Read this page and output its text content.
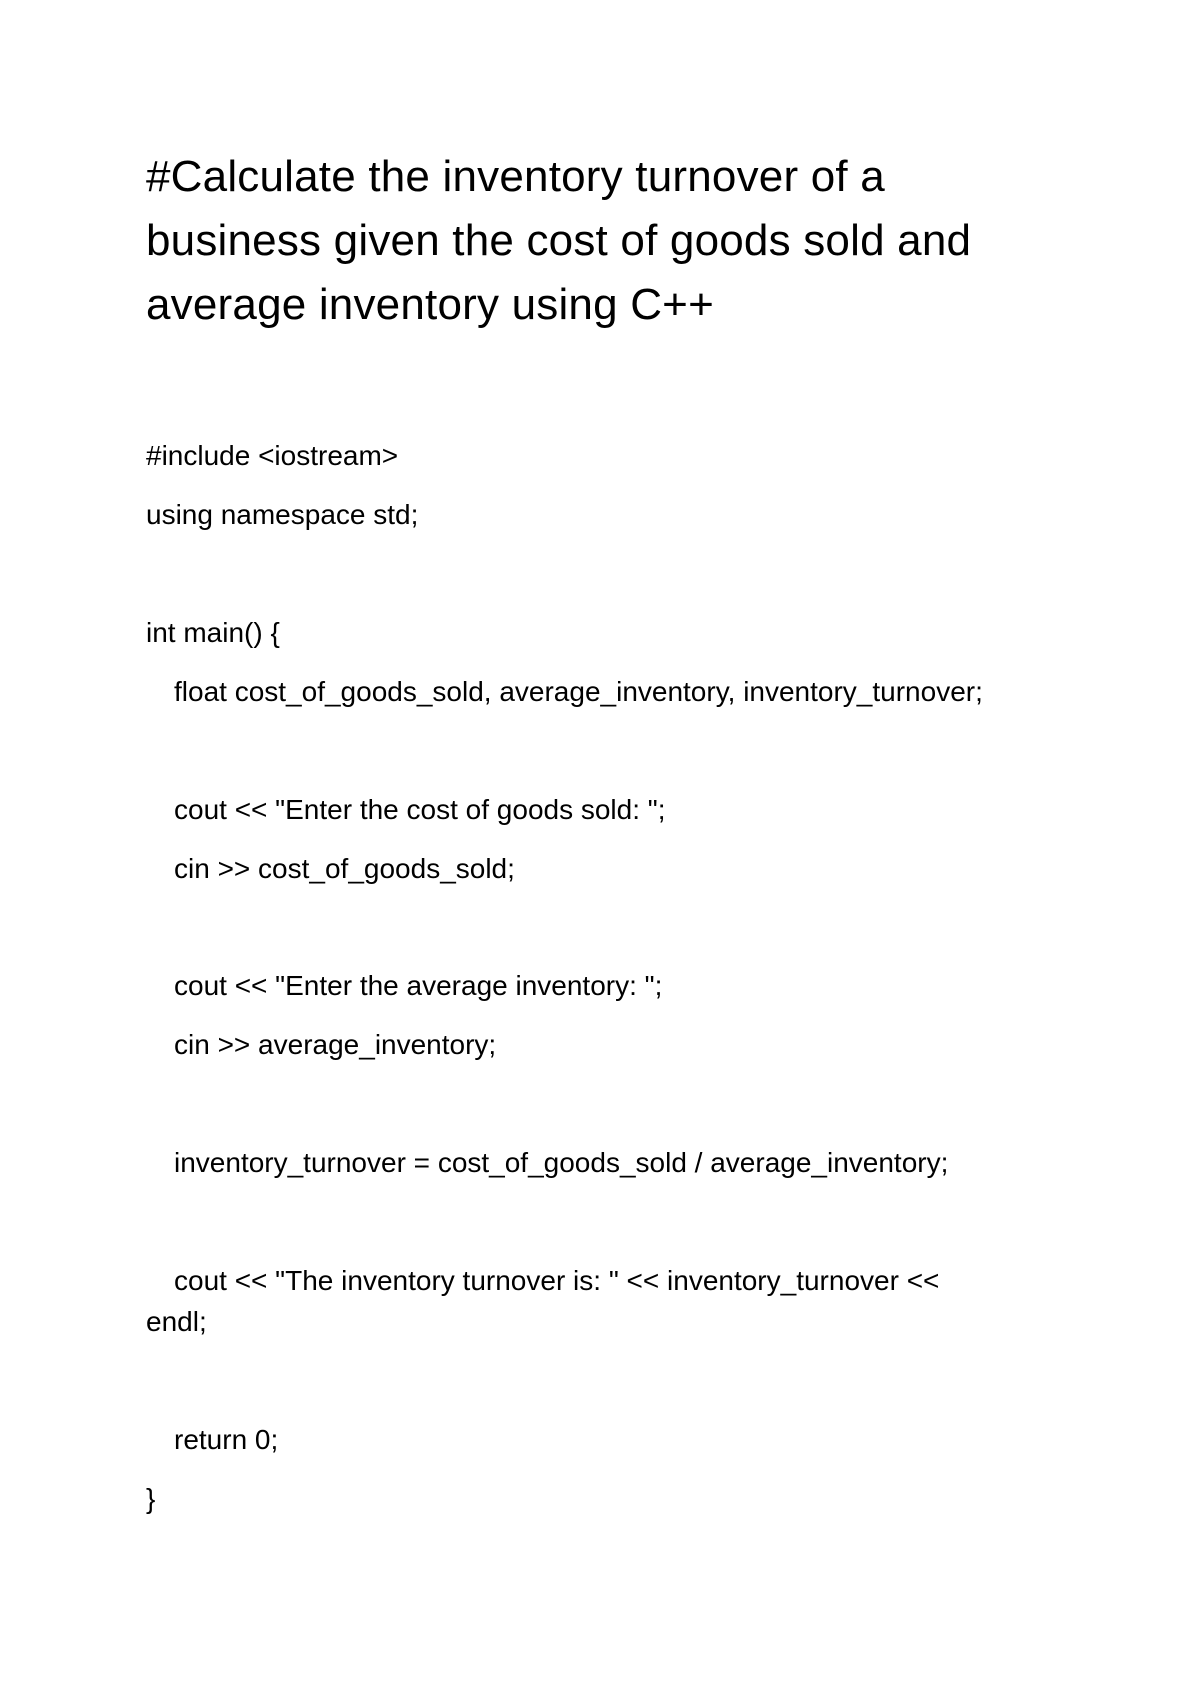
#Calculate the inventory turnover of a
business given the cost of goods sold and
average inventory using C++
#include <iostream>
using namespace std;
int main() {
float cost_of_goods_sold, average_inventory, inventory_turnover;
cout << "Enter the cost of goods sold: ";
cin >> cost_of_goods_sold;
cout << "Enter the average inventory: ";
cin >> average_inventory;
inventory_turnover = cost_of_goods_sold / average_inventory;
cout << "The inventory turnover is: " << inventory_turnover <<
endl;
return 0;
}
